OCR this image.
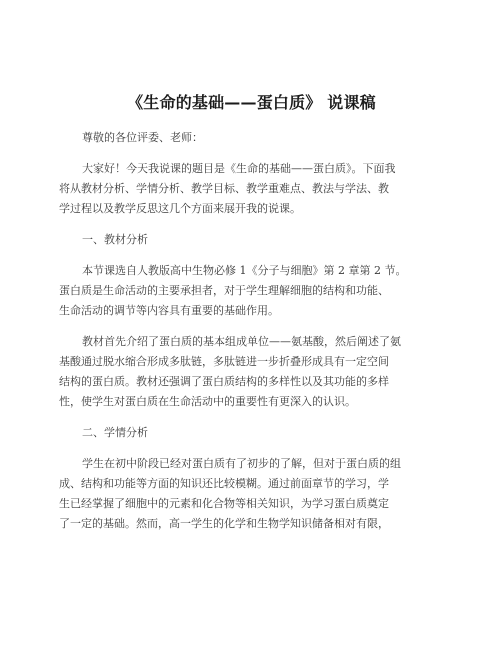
《生命的基础——蛋白质》 说课稿
尊敬的各位评委、老师：
大家好！今天我说课的题目是《生命的基础——蛋白质》。下面我
将从教材分析、学情分析、教学目标、教学重难点、教法与学法、教
学过程以及教学反思这几个方面来展开我的说课。
一、教材分析
本节课选自人教版高中生物必修 1《分子与细胞》第 2 章第 2 节。
蛋白质是生命活动的主要承担者，对于学生理解细胞的结构和功能、
生命活动的调节等内容具有重要的基础作用。
教材首先介绍了蛋白质的基本组成单位——氨基酸，然后阐述了氨
基酸通过脱水缩合形成多肽链，多肽链进一步折叠形成具有一定空间
结构的蛋白质。教材还强调了蛋白质结构的多样性以及其功能的多样
性，使学生对蛋白质在生命活动中的重要性有更深入的认识。
二、学情分析
学生在初中阶段已经对蛋白质有了初步的了解，但对于蛋白质的组
成、结构和功能等方面的知识还比较模糊。通过前面章节的学习，学
生已经掌握了细胞中的元素和化合物等相关知识，为学习蛋白质奠定
了一定的基础。然而，高一学生的化学和生物学知识储备相对有限，
